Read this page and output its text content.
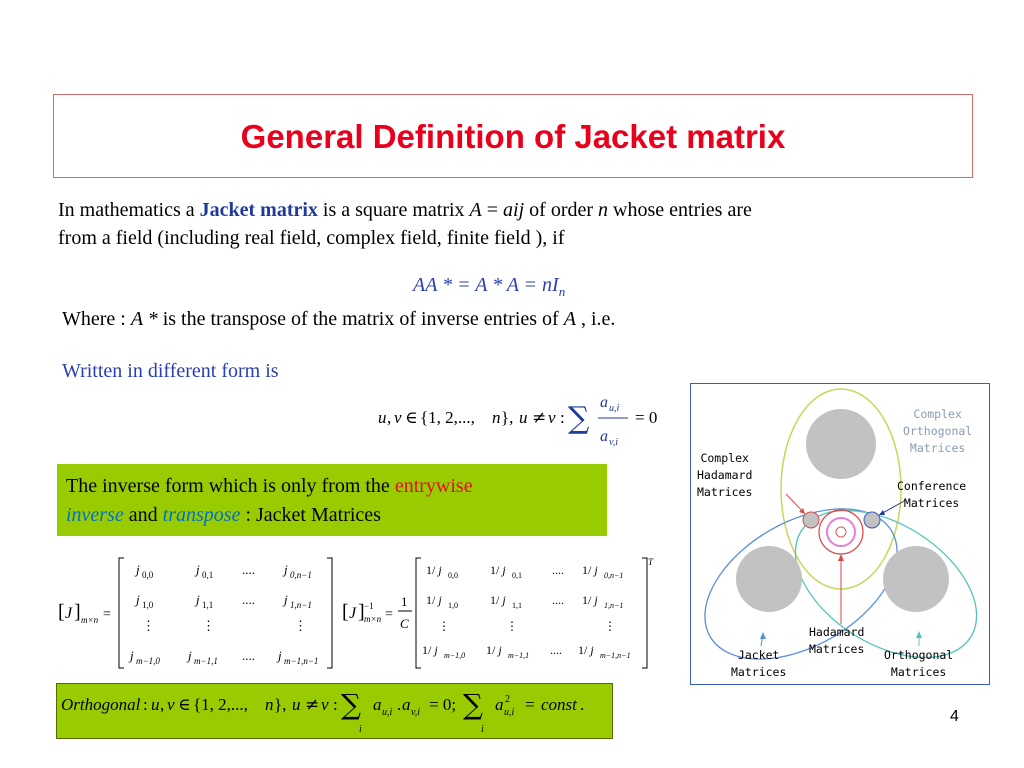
General Definition of Jacket matrix
In mathematics a Jacket matrix is a square matrix A = aij of order n whose entries are
from a field (including real field, complex field, finite field ), if
AA * = $A * A = nI_n$
Where : A * is the transpose of the matrix of inverse entries of A , i.e.
Written in different form is
u , v ∈ {1, 2,..., n }, u ≠ v : ∑ a u,i
a v,i
= 0
The inverse form which is only from the entrywise
inverse and transpose : Jacket Matrices
[ J ] m×n =
j 0,0	j 0,1 .... j 0,n−1
j 1,0	j 1,1 .... j 1,n−1
⋮	⋮	⋮
j m−1,0 j m−1,1 .... j m−1,n−1
[ J ] −1
m×n =
1
C
T
1/ j 0,0	1/ j 0,1	.... 1/ j 0,n−1
1/ j 1,0	1/ j 1,1	.... 1/ j 1,n−1
⋮	⋮	⋮
1/ j m−1,0 1/ j m−1,1 .... 1/ j m−1,n−1
Orthogonal : u , v ∈ {1, 2,..., n }, u ≠ v : ∑
i
a u,i . a v,i = 0; ∑
i
a 2
u,i = const .
Complex
Orthogonal
Matrices
Complex
Hadamard
Matrices	Conference
Matrices
Hadamard
Matrices
Jacket
Matrices
Orthogonal
Matrices
4
